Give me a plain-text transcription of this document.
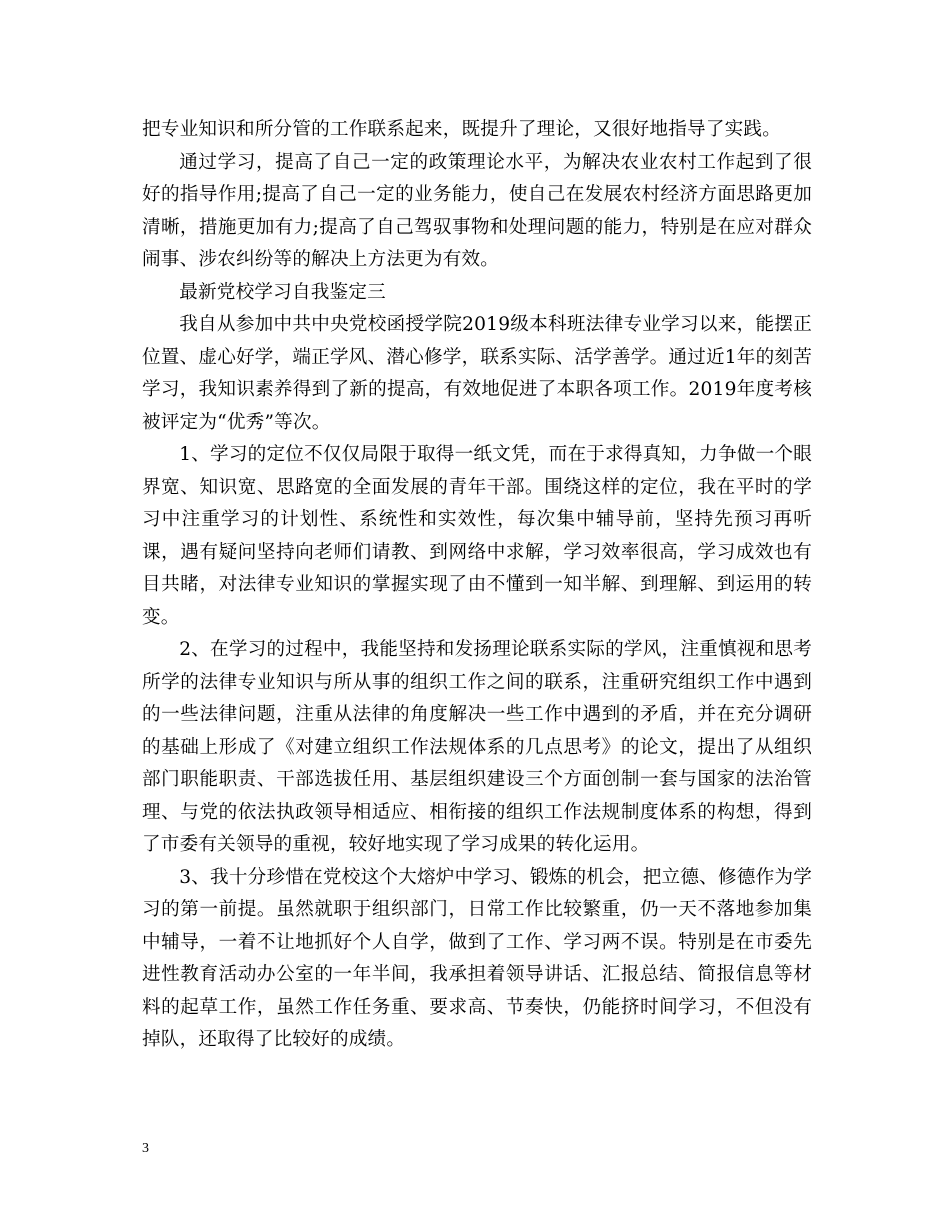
把专业知识和所分管的工作联系起来，既提升了理论，又很好地指导了实践。

通过学习，提高了自己一定的政策理论水平，为解决农业农村工作起到了很好的指导作用;提高了自己一定的业务能力，使自己在发展农村经济方面思路更加清晰，措施更加有力;提高了自己驾驭事物和处理问题的能力，特别是在应对群众闹事、涉农纠纷等的解决上方法更为有效。

最新党校学习自我鉴定三

我自从参加中共中央党校函授学院2019级本科班法律专业学习以来，能摆正位置、虚心好学，端正学风、潜心修学，联系实际、活学善学。通过近1年的刻苦学习，我知识素养得到了新的提高，有效地促进了本职各项工作。2019年度考核被评定为“优秀”等次。

1、学习的定位不仅仅局限于取得一纸文凭，而在于求得真知，力争做一个眼界宽、知识宽、思路宽的全面发展的青年干部。围绕这样的定位，我在平时的学习中注重学习的计划性、系统性和实效性，每次集中辅导前，坚持先预习再听课，遇有疑问坚持向老师们请教、到网络中求解，学习效率很高，学习成效也有目共睹，对法律专业知识的掌握实现了由不懂到一知半解、到理解、到运用的转变。

2、在学习的过程中，我能坚持和发扬理论联系实际的学风，注重慎视和思考所学的法律专业知识与所从事的组织工作之间的联系，注重研究组织工作中遇到的一些法律问题，注重从法律的角度解决一些工作中遇到的矛盾，并在充分调研的基础上形成了《对建立组织工作法规体系的几点思考》的论文，提出了从组织部门职能职责、干部选拔任用、基层组织建设三个方面创制一套与国家的法治管理、与党的依法执政领导相适应、相衔接的组织工作法规制度体系的构想，得到了市委有关领导的重视，较好地实现了学习成果的转化运用。

3、我十分珍惜在党校这个大熔炉中学习、锻炼的机会，把立德、修德作为学习的第一前提。虽然就职于组织部门，日常工作比较繁重，仍一天不落地参加集中辅导，一着不让地抓好个人自学，做到了工作、学习两不误。特别是在市委先进性教育活动办公室的一年半间，我承担着领导讲话、汇报总结、简报信息等材料的起草工作，虽然工作任务重、要求高、节奏快，仍能挤时间学习，不但没有掉队，还取得了比较好的成绩。

3
